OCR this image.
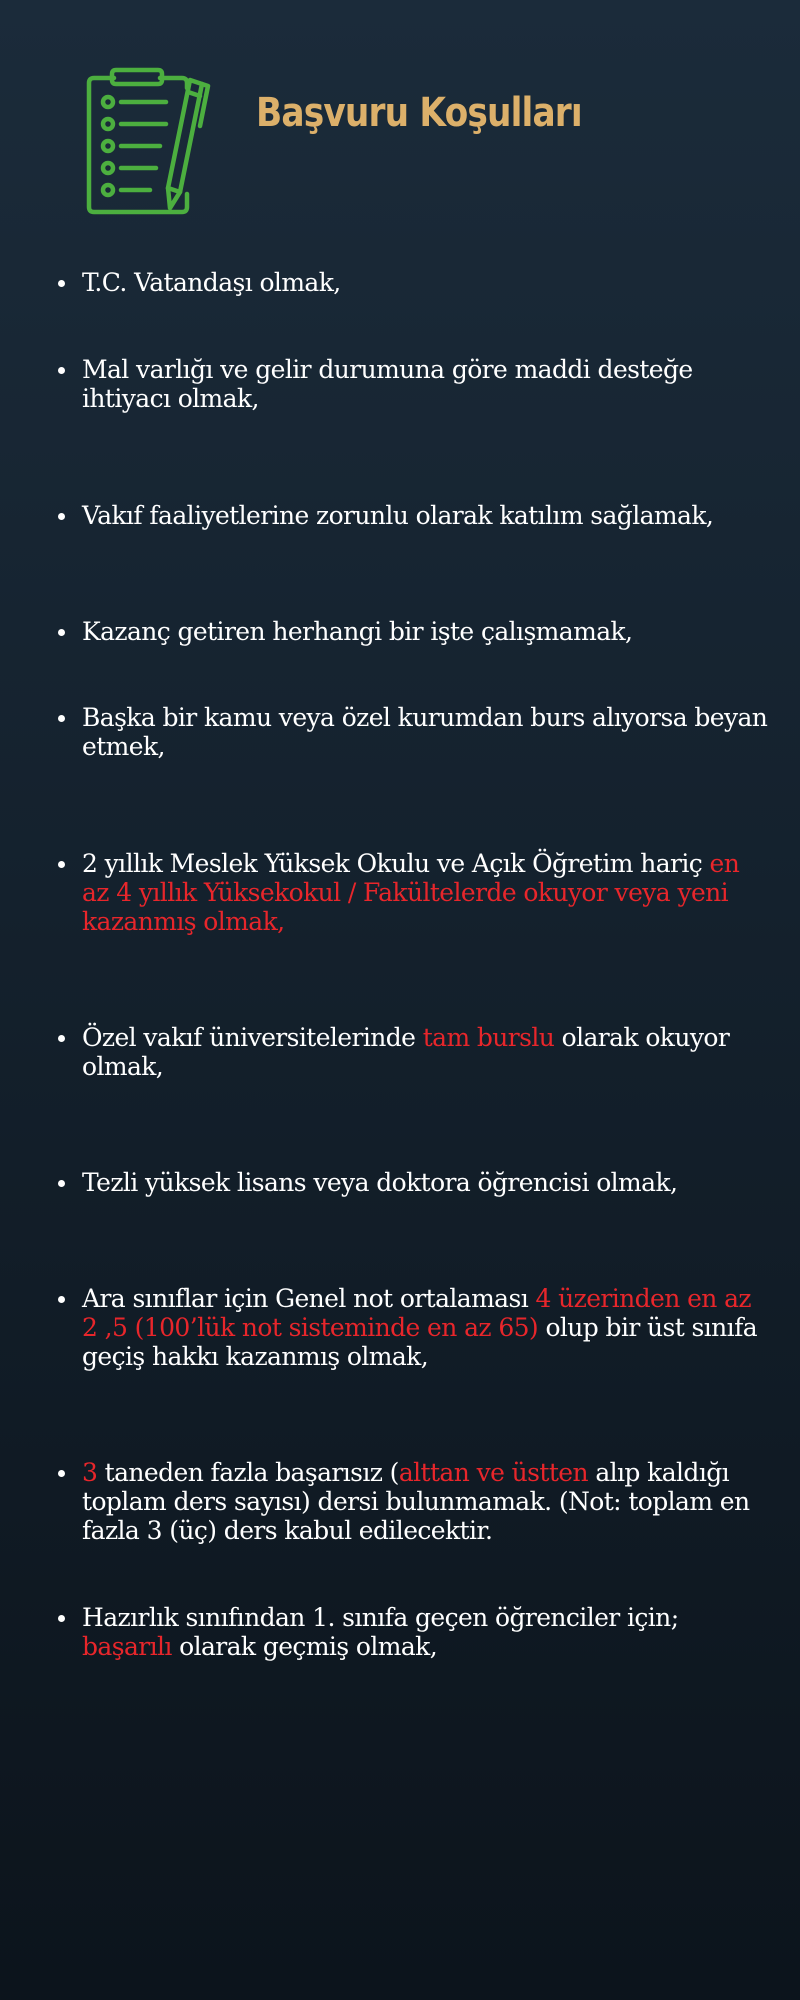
Başvuru Koşulları
T.C. Vatandaşı olmak,
Mal varlığı ve gelir durumuna göre maddi desteğe ihtiyacı olmak,
Vakıf faaliyetlerine zorunlu olarak katılım sağlamak,
Kazanç getiren herhangi bir işte çalışmamak,
Başka bir kamu veya özel kurumdan burs alıyorsa beyan etmek,
2 yıllık Meslek Yüksek Okulu ve Açık Öğretim hariç en az 4 yıllık Yüksekokul / Fakültelerde okuyor veya yeni kazanmış olmak,
Özel vakıf üniversitelerinde tam burslu olarak okuyor olmak,
Tezli yüksek lisans veya doktora öğrencisi olmak,
Ara sınıflar için Genel not ortalaması 4 üzerinden en az 2 ,5 (100’lük not sisteminde en az 65) olup bir üst sınıfa geçiş hakkı kazanmış olmak,
3 taneden fazla başarısız (alttan ve üstten alıp kaldığı toplam ders sayısı) dersi bulunmamak. (Not: toplam en fazla 3 (üç) ders kabul edilecektir.
Hazırlık sınıfından 1. sınıfa geçen öğrenciler için; başarılı olarak geçmiş olmak,
